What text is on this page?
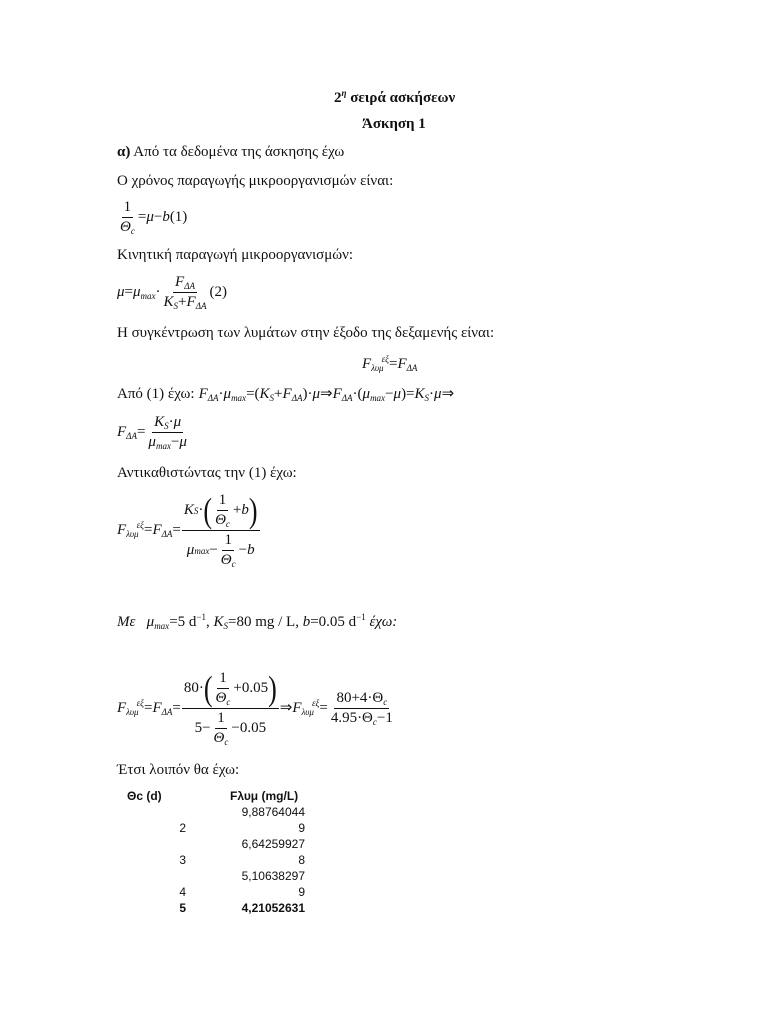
$2^\eta$ σειρά ασκήσεων
Άσκηση 1
α) Από τα δεδομένα της άσκησης έχω
Ο χρόνος παραγωγής μικροοργανισμών είναι:
$\frac{1}{\Theta_c} =\mu-b(1)$
Κινητική παραγωγή μικροοργανισμών:
$\mu=\mu_{max}\cdot \frac{F_{\Delta A}}{K_S+F_{\Delta A}} (2)$
Η συγκέντρωση των λυμάτων στην έξοδο της δεξαμενής είναι:
$F_{\lambda\upsilon\mu}^{\varepsilon\xi}=F_{\Delta A}$
Από (1) έχω: $F_{\Delta A}\cdot\mu_{max}=(K_S+F_{\Delta A})\cdot\mu\Rightarrow F_{\Delta A}\cdot(\mu_{max}-\mu)=K_S\cdot\mu\Rightarrow$
$F_{\Delta A}= \frac{K_S\cdot\mu}{\mu_{max}-\mu}$
Αντικαθιστώντας την (1) έχω:
$F_{\lambda\upsilon\mu}^{\varepsilon\xi}=F_{\Delta A}= \frac{K S \cdot ( \frac{1}{\Theta_c} + b )}{\mu \max - \frac{1}{\Theta_c} - b}$
Με $\mu_{max}=5$ $d^{-1}$, $K_S=80$ mg / L, b=0.05 $d^{-1}$ έχω:
$F_{\lambda\upsilon\mu}^{\varepsilon\xi}=F_{\Delta A}= \frac{80 \cdot ( \frac{1}{\Theta_c} + 0.05 )}{5 - \frac{1}{\Theta_c} - 0.05}$ $\Rightarrow F_{\lambda\upsilon\mu}^{\varepsilon\xi}= \frac{80+4\cdot\Theta_c}{4.95\cdot\Theta_c-1}$
Έτσι λοιπόν θα έχω:
Θc (d)	Fλυμ (mg/L)
	9,88764044
2	9
	6,64259927
3	8
	5,10638297
4	9
5	4,21052631
